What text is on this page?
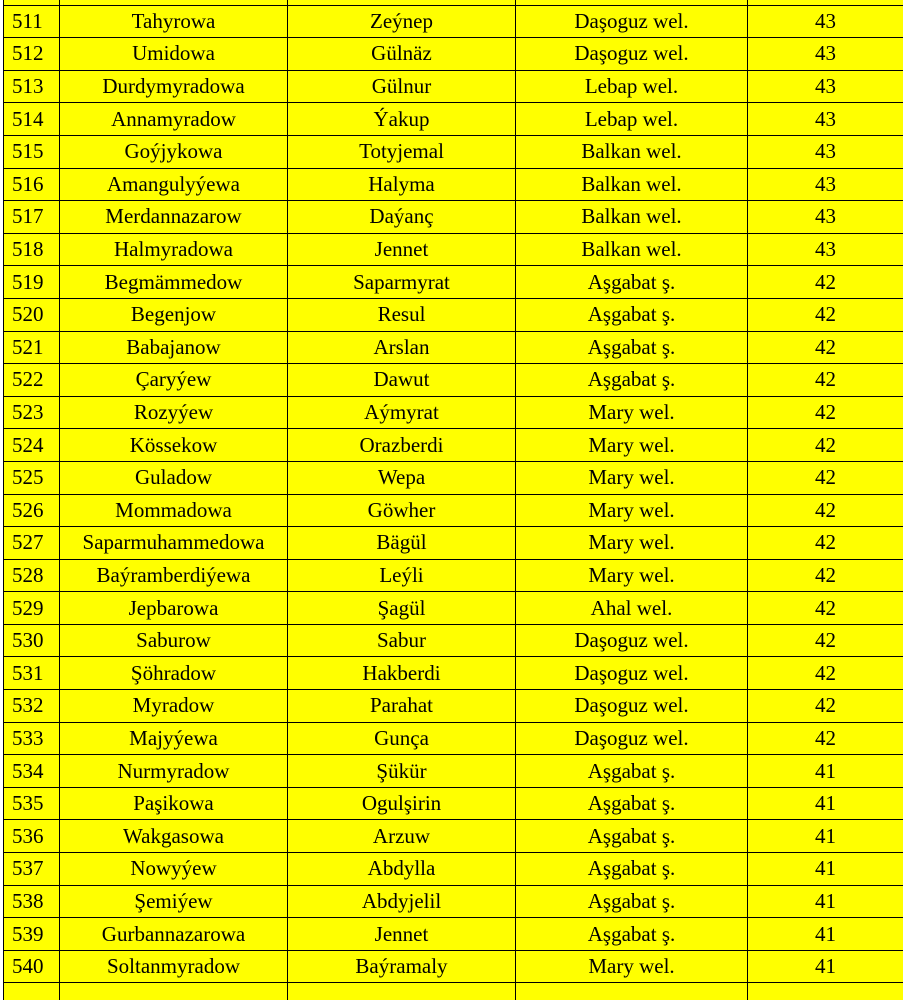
511	Tahyrowa	Zeýnep	Daşoguz wel.	43
512	Umidowa	Gülnäz	Daşoguz wel.	43
513	Durdymyradowa	Gülnur	Lebap wel.	43
514	Annamyradow	Ýakup	Lebap wel.	43
515	Goýjykowa	Totyjemal	Balkan wel.	43
516	Amangulyýewa	Halyma	Balkan wel.	43
517	Merdannazarow	Daýanç	Balkan wel.	43
518	Halmyradowa	Jennet	Balkan wel.	43
519	Begmämmedow	Saparmyrat	Aşgabat ş.	42
520	Begenjow	Resul	Aşgabat ş.	42
521	Babajanow	Arslan	Aşgabat ş.	42
522	Çaryýew	Dawut	Aşgabat ş.	42
523	Rozyýew	Aýmyrat	Mary wel.	42
524	Kössekow	Orazberdi	Mary wel.	42
525	Guladow	Wepa	Mary wel.	42
526	Mommadowa	Göwher	Mary wel.	42
527	Saparmuhammedowa	Bägül	Mary wel.	42
528	Baýramberdiýewa	Leýli	Mary wel.	42
529	Jepbarowa	Şagül	Ahal wel.	42
530	Saburow	Sabur	Daşoguz wel.	42
531	Şöhradow	Hakberdi	Daşoguz wel.	42
532	Myradow	Parahat	Daşoguz wel.	42
533	Majyýewa	Gunça	Daşoguz wel.	42
534	Nurmyradow	Şükür	Aşgabat ş.	41
535	Paşikowa	Ogulşirin	Aşgabat ş.	41
536	Wakgasowa	Arzuw	Aşgabat ş.	41
537	Nowyýew	Abdylla	Aşgabat ş.	41
538	Şemiýew	Abdyjelil	Aşgabat ş.	41
539	Gurbannazarowa	Jennet	Aşgabat ş.	41
540	Soltanmyradow	Baýramaly	Mary wel.	41
